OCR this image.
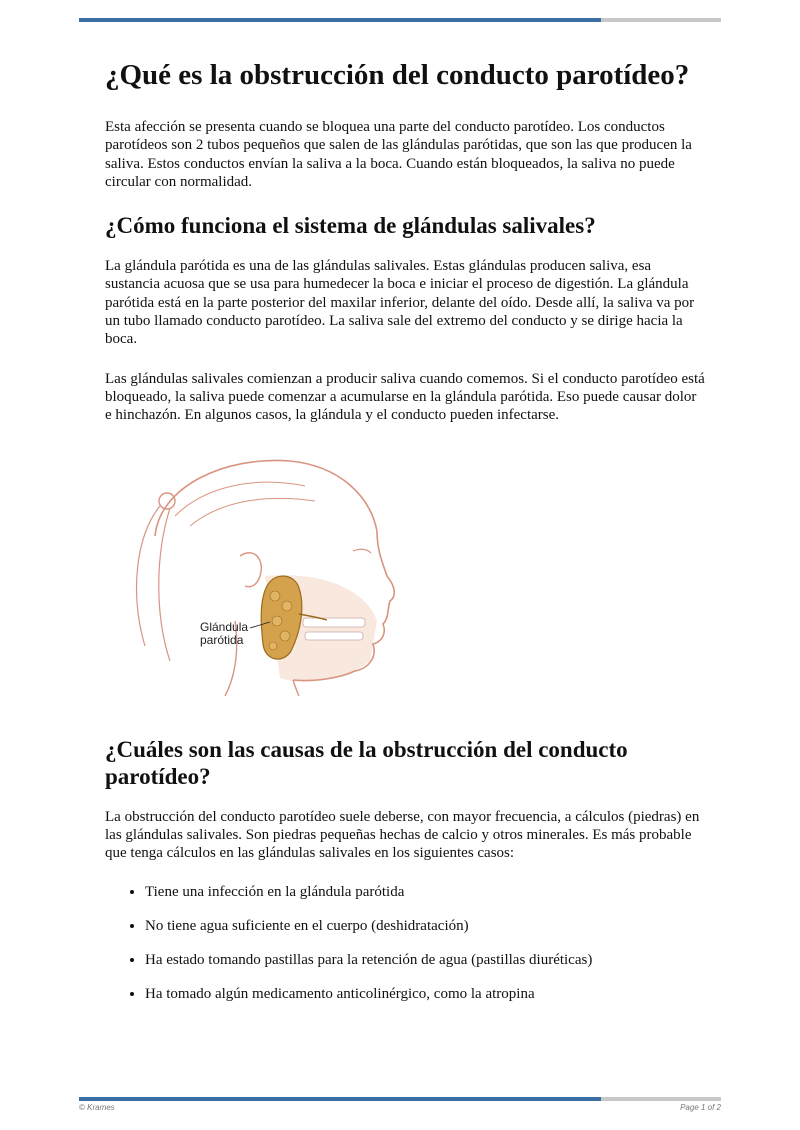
¿Qué es la obstrucción del conducto parotídeo?

Esta afección se presenta cuando se bloquea una parte del conducto parotídeo. Los conductos parotídeos son 2 tubos pequeños que salen de las glándulas parótidas, que son las que producen la saliva. Estos conductos envían la saliva a la boca. Cuando están bloqueados, la saliva no puede circular con normalidad.

¿Cómo funciona el sistema de glándulas salivales?

La glándula parótida es una de las glándulas salivales. Estas glándulas producen saliva, esa sustancia acuosa que se usa para humedecer la boca e iniciar el proceso de digestión. La glándula parótida está en la parte posterior del maxilar inferior, delante del oído. Desde allí, la saliva va por un tubo llamado conducto parotídeo. La saliva sale del extremo del conducto y se dirige hacia la boca.

Las glándulas salivales comienzan a producir saliva cuando comemos. Si el conducto parotídeo está bloqueado, la saliva puede comenzar a acumularse en la glándula parótida. Eso puede causar dolor e hinchazón. En algunos casos, la glándula y el conducto pueden infectarse.

Glándula
parótida
¿Cuáles son las causas de la obstrucción del conducto parotídeo?

La obstrucción del conducto parotídeo suele deberse, con mayor frecuencia, a cálculos (piedras) en las glándulas salivales. Son piedras pequeñas hechas de calcio y otros minerales. Es más probable que tenga cálculos en las glándulas salivales en los siguientes casos:

• Tiene una infección en la glándula parótida
• No tiene agua suficiente en el cuerpo (deshidratación)
• Ha estado tomando pastillas para la retención de agua (pastillas diuréticas)
• Ha tomado algún medicamento anticolinérgico, como la atropina
© Krames	Page 1 of 2
